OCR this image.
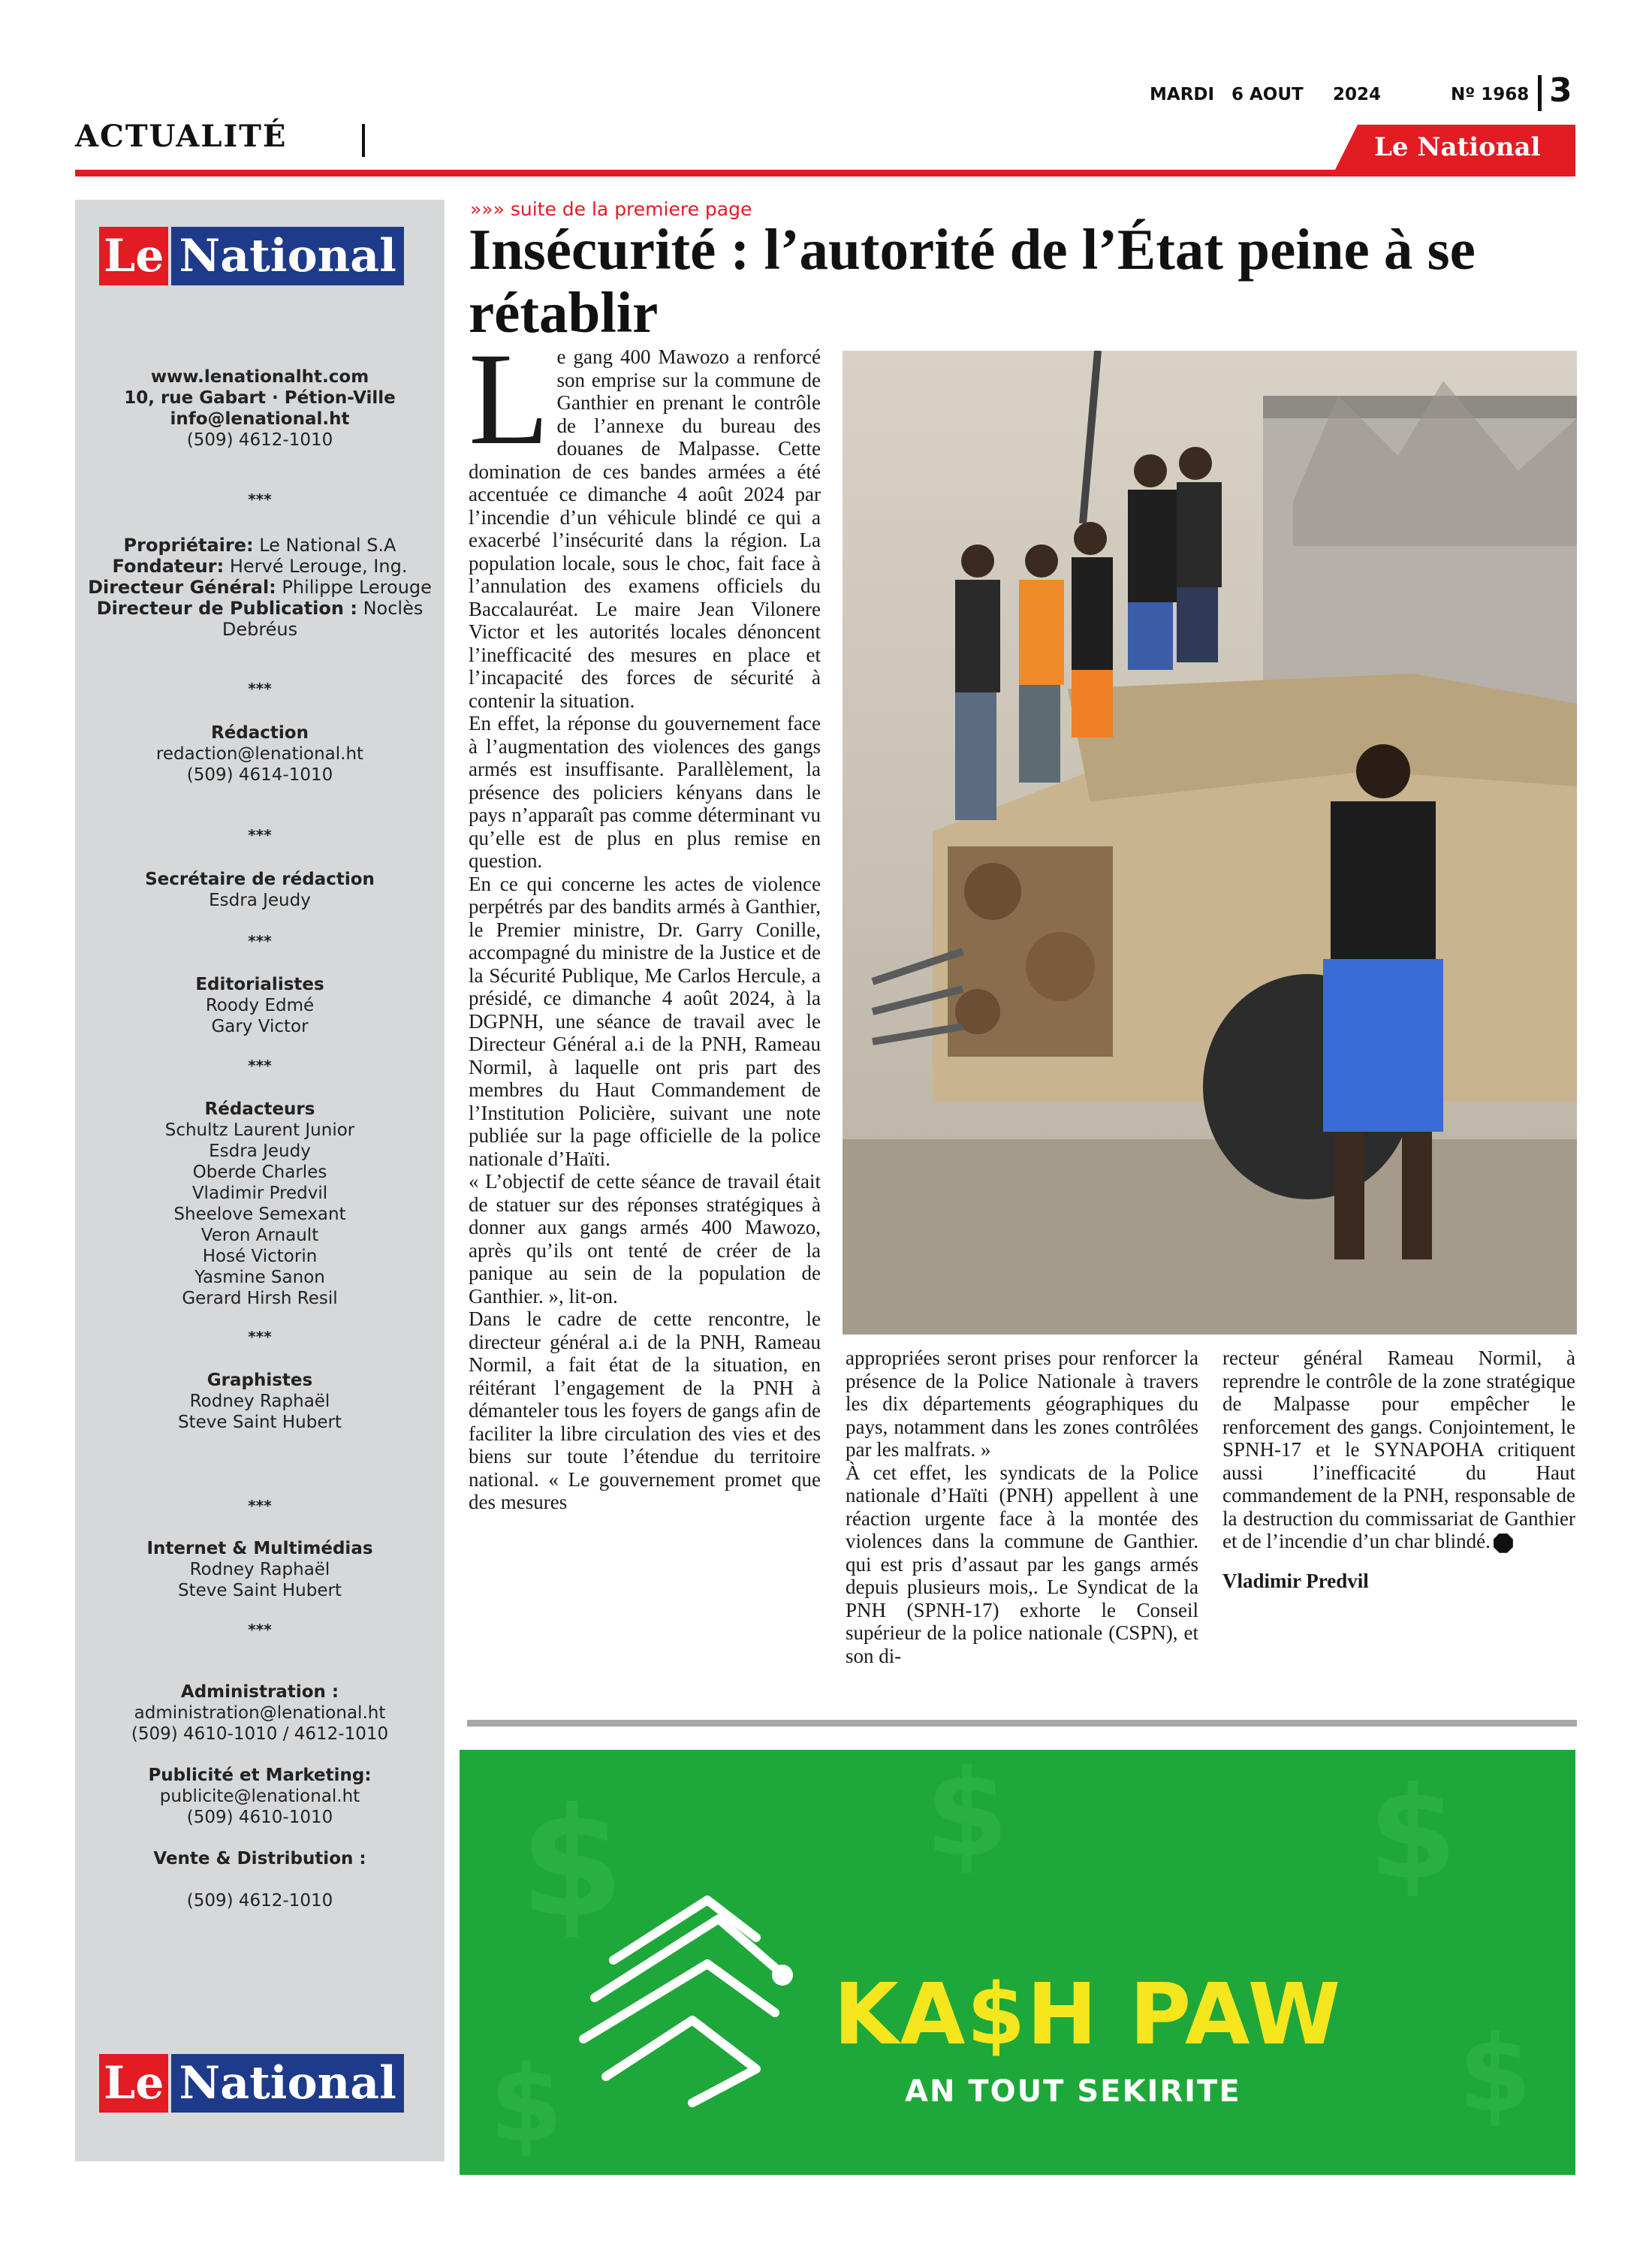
ACTUALITÉ
MARDI 6 AOUT 2024	Nº 1968 3
Le National
Le National
www.lenationalht.com
10, rue Gabart · Pétion-Ville
info@lenational.ht
(509) 4612-1010
***
Propriétaire: Le National S.A
Fondateur: Hervé Lerouge, Ing.
Directeur Général: Philippe Lerouge
Directeur de Publication : Noclès Debréus
***
Rédaction
redaction@lenational.ht
(509) 4614-1010
***
Secrétaire de rédaction
Esdra Jeudy
***
Editorialistes
Roody Edmé
Gary Victor
***
Rédacteurs
Schultz Laurent Junior
Esdra Jeudy
Oberde Charles
Vladimir Predvil
Sheelove Semexant
Veron Arnault
Hosé Victorin
Yasmine Sanon
Gerard Hirsh Resil
***
Graphistes
Rodney Raphaël
Steve Saint Hubert
***
Internet & Multimédias
Rodney Raphaël
Steve Saint Hubert
***
Administration :
administration@lenational.ht
(509) 4610-1010 / 4612-1010
Publicité et Marketing:
publicite@lenational.ht
(509) 4610-1010
Vente & Distribution :
(509) 4612-1010
Le National
»»» suite de la premiere page
Insécurité : l’autorité de l’État peine à se rétablir

Le gang 400 Mawozo a renforcé son emprise sur la commune de Ganthier en prenant le contrôle de l’annexe du bureau des douanes de Malpasse. Cette domination de ces bandes armées a été accentuée ce dimanche 4 août 2024 par l’incendie d’un véhicule blindé ce qui a exacerbé l’insécurité dans la région. La population locale, sous le choc, fait face à l’annulation des examens officiels du Baccalauréat. Le maire Jean Vilonere Victor et les autorités locales dénoncent l’inefficacité des mesures en place et l’incapacité des forces de sécurité à contenir la situation.

En effet, la réponse du gouvernement face à l’augmentation des violences des gangs armés est insuffisante. Parallèlement, la présence des policiers kényans dans le pays n’apparaît pas comme déterminant vu qu’elle est de plus en plus remise en question.

En ce qui concerne les actes de violence perpétrés par des bandits armés à Ganthier, le Premier ministre, Dr. Garry Conille, accompagné du ministre de la Justice et de la Sécurité Publique, Me Carlos Hercule, a présidé, ce dimanche 4 août 2024, à la DGPNH, une séance de travail avec le Directeur Général a.i de la PNH, Rameau Normil, à laquelle ont pris part des membres du Haut Commandement de l’Institution Policière, suivant une note publiée sur la page officielle de la police nationale d’Haïti.

« L’objectif de cette séance de travail était de statuer sur des réponses stratégiques à donner aux gangs armés 400 Mawozo, après qu’ils ont tenté de créer de la panique au sein de la population de Ganthier. », lit-on.

Dans le cadre de cette rencontre, le directeur général a.i de la PNH, Rameau Normil, a fait état de la situation, en réitérant l’engagement de la PNH à démanteler tous les foyers de gangs afin de faciliter la libre circulation des vies et des biens sur toute l’étendue du territoire national. « Le gouvernement promet que des mesures

appropriées seront prises pour renforcer la présence de la Police Nationale à travers les dix départements géographiques du pays, notamment dans les zones contrôlées par les malfrats. »

À cet effet, les syndicats de la Police nationale d’Haïti (PNH) appellent à une réaction urgente face à la montée des violences dans la commune de Ganthier. qui est pris d’assaut par les gangs armés depuis plusieurs mois,. Le Syndicat de la PNH (SPNH-17) exhorte le Conseil supérieur de la police nationale (CSPN), et son di-

recteur général Rameau Normil, à reprendre le contrôle de la zone stratégique de Malpasse pour empêcher le renforcement des gangs. Conjointement, le SPNH-17 et le SYNAPOHA critiquent aussi l’inefficacité du Haut commandement de la PNH, responsable de la destruction du commissariat de Ganthier et de l’incendie d’un char blindé.

Vladimir Predvil

$	$	$
$
$
KA$H PAW
AN TOUT SEKIRITE
